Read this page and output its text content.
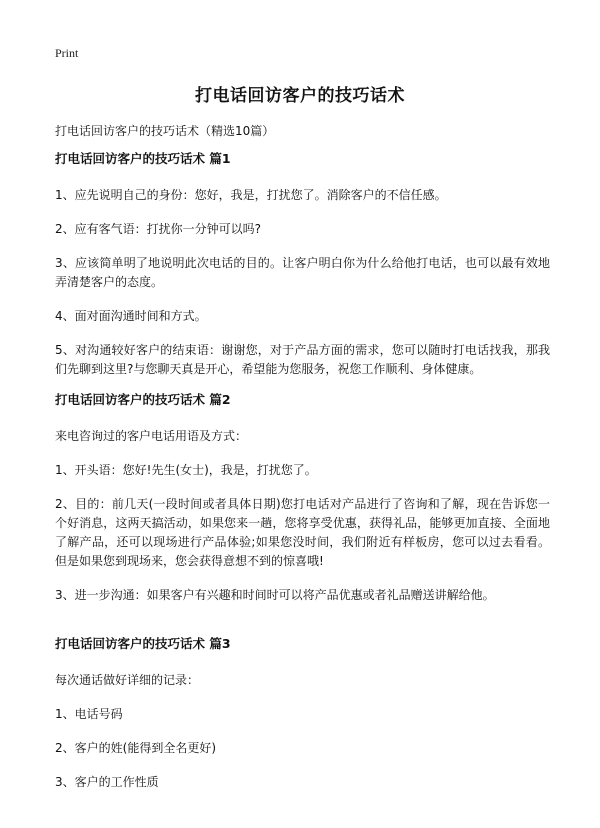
Print
打电话回访客户的技巧话术
打电话回访客户的技巧话术（精选10篇）
打电话回访客户的技巧话术 篇1

1、应先说明自己的身份：您好，我是，打扰您了。消除客户的不信任感。

2、应有客气语：打扰你一分钟可以吗?

3、应该简单明了地说明此次电话的目的。让客户明白你为什么给他打电话，也可以最有效地弄清楚客户的态度。

4、面对面沟通时间和方式。

5、对沟通较好客户的结束语：谢谢您，对于产品方面的需求，您可以随时打电话找我，那我们先聊到这里?与您聊天真是开心，希望能为您服务，祝您工作顺利、身体健康。

打电话回访客户的技巧话术 篇2

来电咨询过的客户电话用语及方式：

1、开头语：您好!先生(女士)，我是，打扰您了。

2、目的：前几天(一段时间或者具体日期)您打电话对产品进行了咨询和了解，现在告诉您一个好消息，这两天搞活动，如果您来一趟，您将享受优惠，获得礼品，能够更加直接、全面地了解产品，还可以现场进行产品体验;如果您没时间，我们附近有样板房，您可以过去看看。但是如果您到现场来，您会获得意想不到的惊喜哦!

3、进一步沟通：如果客户有兴趣和时间时可以将产品优惠或者礼品赠送讲解给他。

打电话回访客户的技巧话术 篇3

每次通话做好详细的记录：

1、电话号码

2、客户的姓(能得到全名更好)

3、客户的工作性质
